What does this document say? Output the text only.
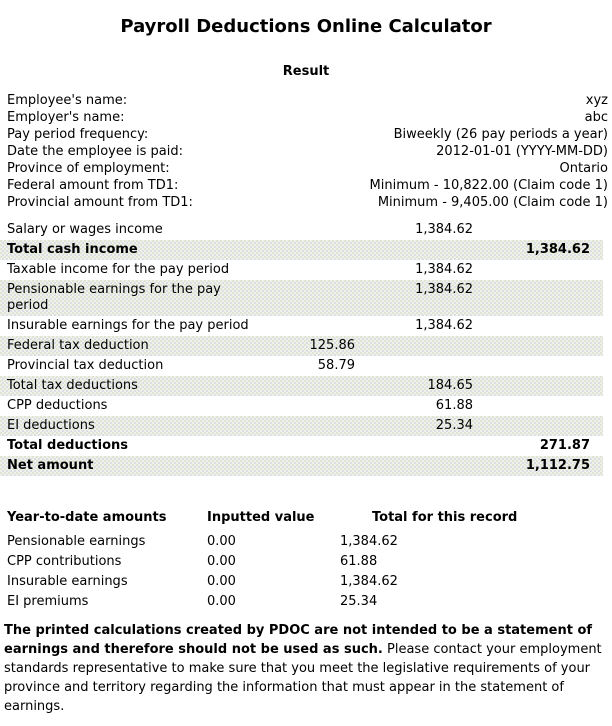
Payroll Deductions Online Calculator
Result
Employee's name:	xyz
Employer's name:	abc
Pay period frequency:	Biweekly (26 pay periods a year)
Date the employee is paid:	2012-01-01 (YYYY-MM-DD)
Province of employment:	Ontario
Federal amount from TD1:	Minimum - 10,822.00 (Claim code 1)
Provincial amount from TD1:	Minimum - 9,405.00 (Claim code 1)
Salary or wages income		1,384.62	
Total cash income			1,384.62
Taxable income for the pay period		1,384.62	
Pensionable earnings for the pay period		1,384.62	
Insurable earnings for the pay period		1,384.62	
Federal tax deduction	125.86		
Provincial tax deduction	58.79		
Total tax deductions		184.65	
CPP deductions		61.88	
EI deductions		25.34	
Total deductions			271.87
Net amount			1,112.75
Year-to-date amounts	Inputted value	Total for this record
Pensionable earnings	0.00	1,384.62
CPP contributions	0.00	61.88
Insurable earnings	0.00	1,384.62
EI premiums	0.00	25.34

The printed calculations created by PDOC are not intended to be a statement of earnings and therefore should not be used as such. Please contact your employment standards representative to make sure that you meet the legislative requirements of your province and territory regarding the information that must appear in the statement of earnings.
